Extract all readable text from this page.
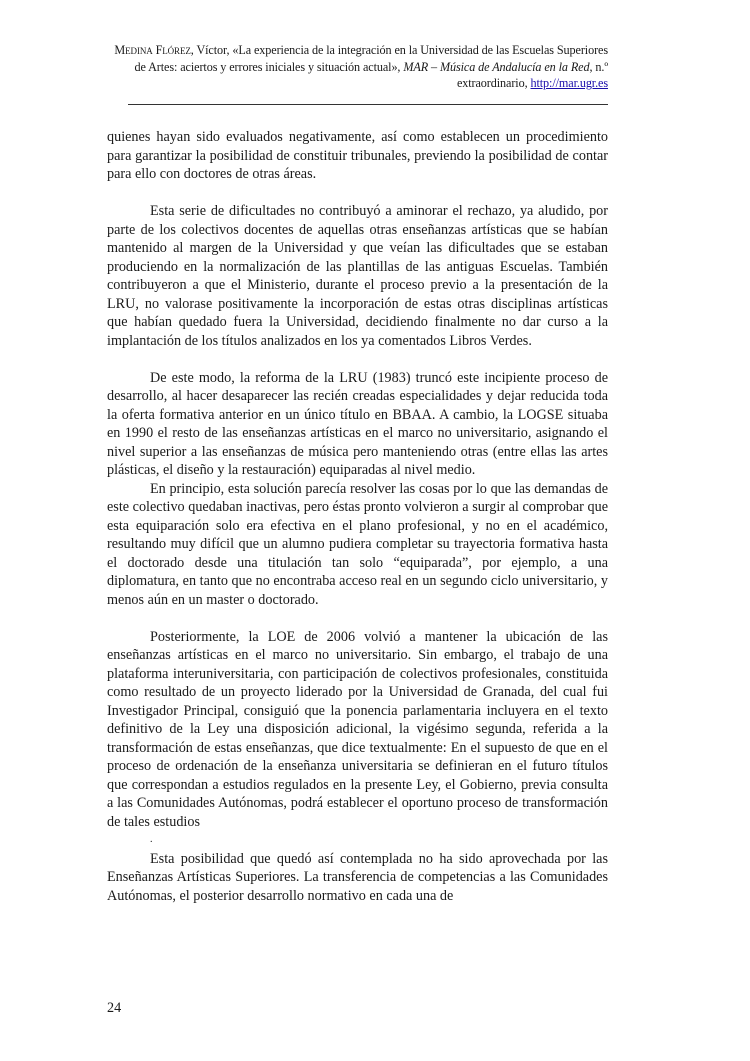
Medina Flórez, Víctor, «La experiencia de la integración en la Universidad de las Escuelas Superiores de Artes: aciertos y errores iniciales y situación actual», MAR – Música de Andalucía en la Red, n.º extraordinario, http://mar.ugr.es

quienes hayan sido evaluados negativamente, así como establecen un procedimiento para garantizar la posibilidad de constituir tribunales, previendo la posibilidad de contar para ello con doctores de otras áreas.

Esta serie de dificultades no contribuyó a aminorar el rechazo, ya aludido, por parte de los colectivos docentes de aquellas otras enseñanzas artísticas que se habían mantenido al margen de la Universidad y que veían las dificultades que se estaban produciendo en la normalización de las plantillas de las antiguas Escuelas. También contribuyeron a que el Ministerio, durante el proceso previo a la presentación de la LRU, no valorase positivamente la incorporación de estas otras disciplinas artísticas que habían quedado fuera la Universidad, decidiendo finalmente no dar curso a la implantación de los títulos analizados en los ya comentados Libros Verdes.

De este modo, la reforma de la LRU (1983) truncó este incipiente proceso de desarrollo, al hacer desaparecer las recién creadas especialidades y dejar reducida toda la oferta formativa anterior en un único título en BBAA. A cambio, la LOGSE situaba en 1990 el resto de las enseñanzas artísticas en el marco no universitario, asignando el nivel superior a las enseñanzas de música pero manteniendo otras (entre ellas las artes plásticas, el diseño y la restauración) equiparadas al nivel medio.

En principio, esta solución parecía resolver las cosas por lo que las demandas de este colectivo quedaban inactivas, pero éstas pronto volvieron a surgir al comprobar que esta equiparación solo era efectiva en el plano profesional, y no en el académico, resultando muy difícil que un alumno pudiera completar su trayectoria formativa hasta el doctorado desde una titulación tan solo “equiparada”, por ejemplo, a una diplomatura, en tanto que no encontraba acceso real en un segundo ciclo universitario, y menos aún en un master o doctorado.

Posteriormente, la LOE de 2006 volvió a mantener la ubicación de las enseñanzas artísticas en el marco no universitario. Sin embargo, el trabajo de una plataforma interuniversitaria, con participación de colectivos profesionales, constituida como resultado de un proyecto liderado por la Universidad de Granada, del cual fui Investigador Principal, consiguió que la ponencia parlamentaria incluyera en el texto definitivo de la Ley una disposición adicional, la vigésimo segunda, referida a la transformación de estas enseñanzas, que dice textualmente: En el supuesto de que en el proceso de ordenación de la enseñanza universitaria se definieran en el futuro títulos que correspondan a estudios regulados en la presente Ley, el Gobierno, previa consulta a las Comunidades Autónomas, podrá establecer el oportuno proceso de transformación de tales estudios

.

Esta posibilidad que quedó así contemplada no ha sido aprovechada por las Enseñanzas Artísticas Superiores. La transferencia de competencias a las Comunidades Autónomas, el posterior desarrollo normativo en cada una de

24
